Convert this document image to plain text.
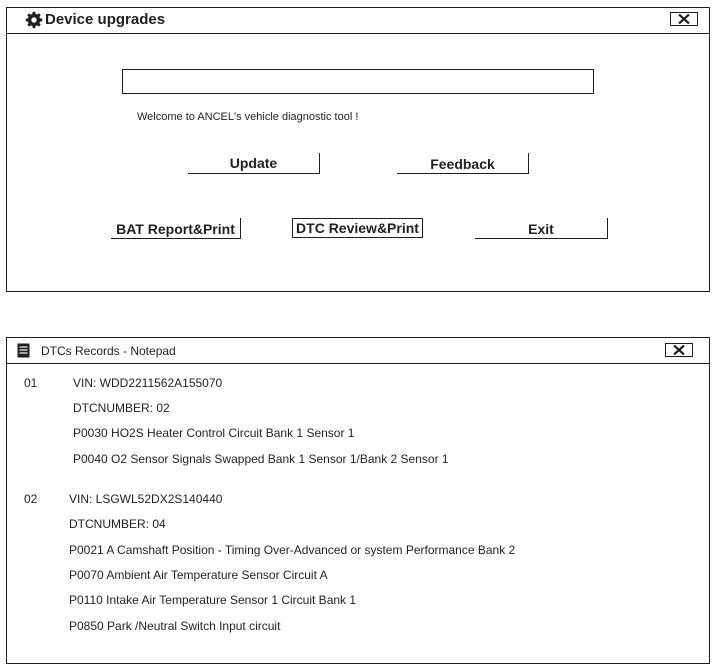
Device upgrades
Welcome to ANCEL's vehicle diagnostic tool !
Update	Feedback
BAT Report&Print	DTC Review&Print	Exit
DTCs Records - Notepad
01	VIN: WDD2211562A155070
DTCNUMBER: 02
P0030 HO2S Heater Control Circuit Bank 1 Sensor 1
P0040 O2 Sensor Signals Swapped Bank 1 Sensor 1/Bank 2 Sensor 1
02	VIN: LSGWL52DX2S140440
DTCNUMBER: 04
P0021 A Camshaft Position - Timing Over-Advanced or system Performance Bank 2
P0070 Ambient Air Temperature Sensor Circuit A
P0110 Intake Air Temperature Sensor 1 Circuit Bank 1
P0850 Park /Neutral Switch Input circuit
